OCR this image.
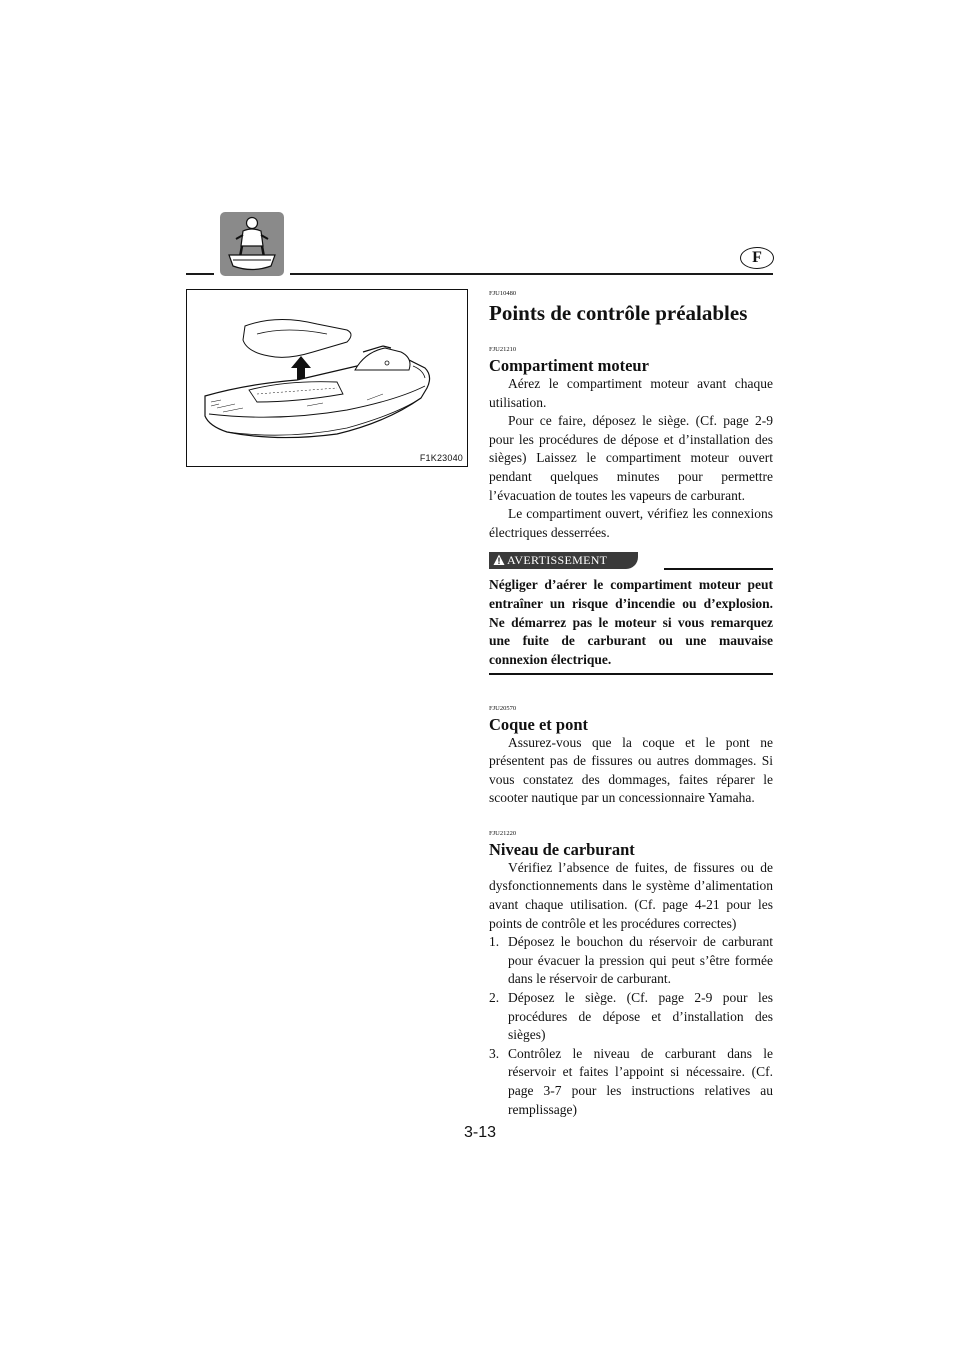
F
F1K23040
FJU10480
Points de contrôle préalables
FJU21210
Compartiment moteur

Aérez le compartiment moteur avant chaque utilisation.

Pour ce faire, déposez le siège. (Cf. page 2-9 pour les procédures de dépose et d’installation des sièges) Laissez le compartiment moteur ouvert pendant quelques minutes pour permettre l’évacuation de toutes les vapeurs de carburant.

Le compartiment ouvert, vérifiez les connexions électriques desserrées.

AVERTISSEMENT

Négliger d’aérer le compartiment moteur peut entraîner un risque d’incendie ou d’explosion. Ne démarrez pas le moteur si vous remarquez une fuite de carburant ou une mauvaise connexion électrique.

FJU20570
Coque et pont

Assurez-vous que la coque et le pont ne présentent pas de fissures ou autres dommages. Si vous constatez des dommages, faites réparer le scooter nautique par un concessionnaire Yamaha.

FJU21220
Niveau de carburant

Vérifiez l’absence de fuites, de fissures ou de dysfonctionnements dans le système d’alimentation avant chaque utilisation. (Cf. page 4-21 pour les points de contrôle et les procédures correctes)

1. Déposez le bouchon du réservoir de carburant pour évacuer la pression qui peut s’être formée dans le réservoir de carburant.
2. Déposez le siège. (Cf. page 2-9 pour les procédures de dépose et d’installation des sièges)
3. Contrôlez le niveau de carburant dans le réservoir et faites l’appoint si nécessaire. (Cf. page 3-7 pour les instructions relatives au remplissage)
3-13
